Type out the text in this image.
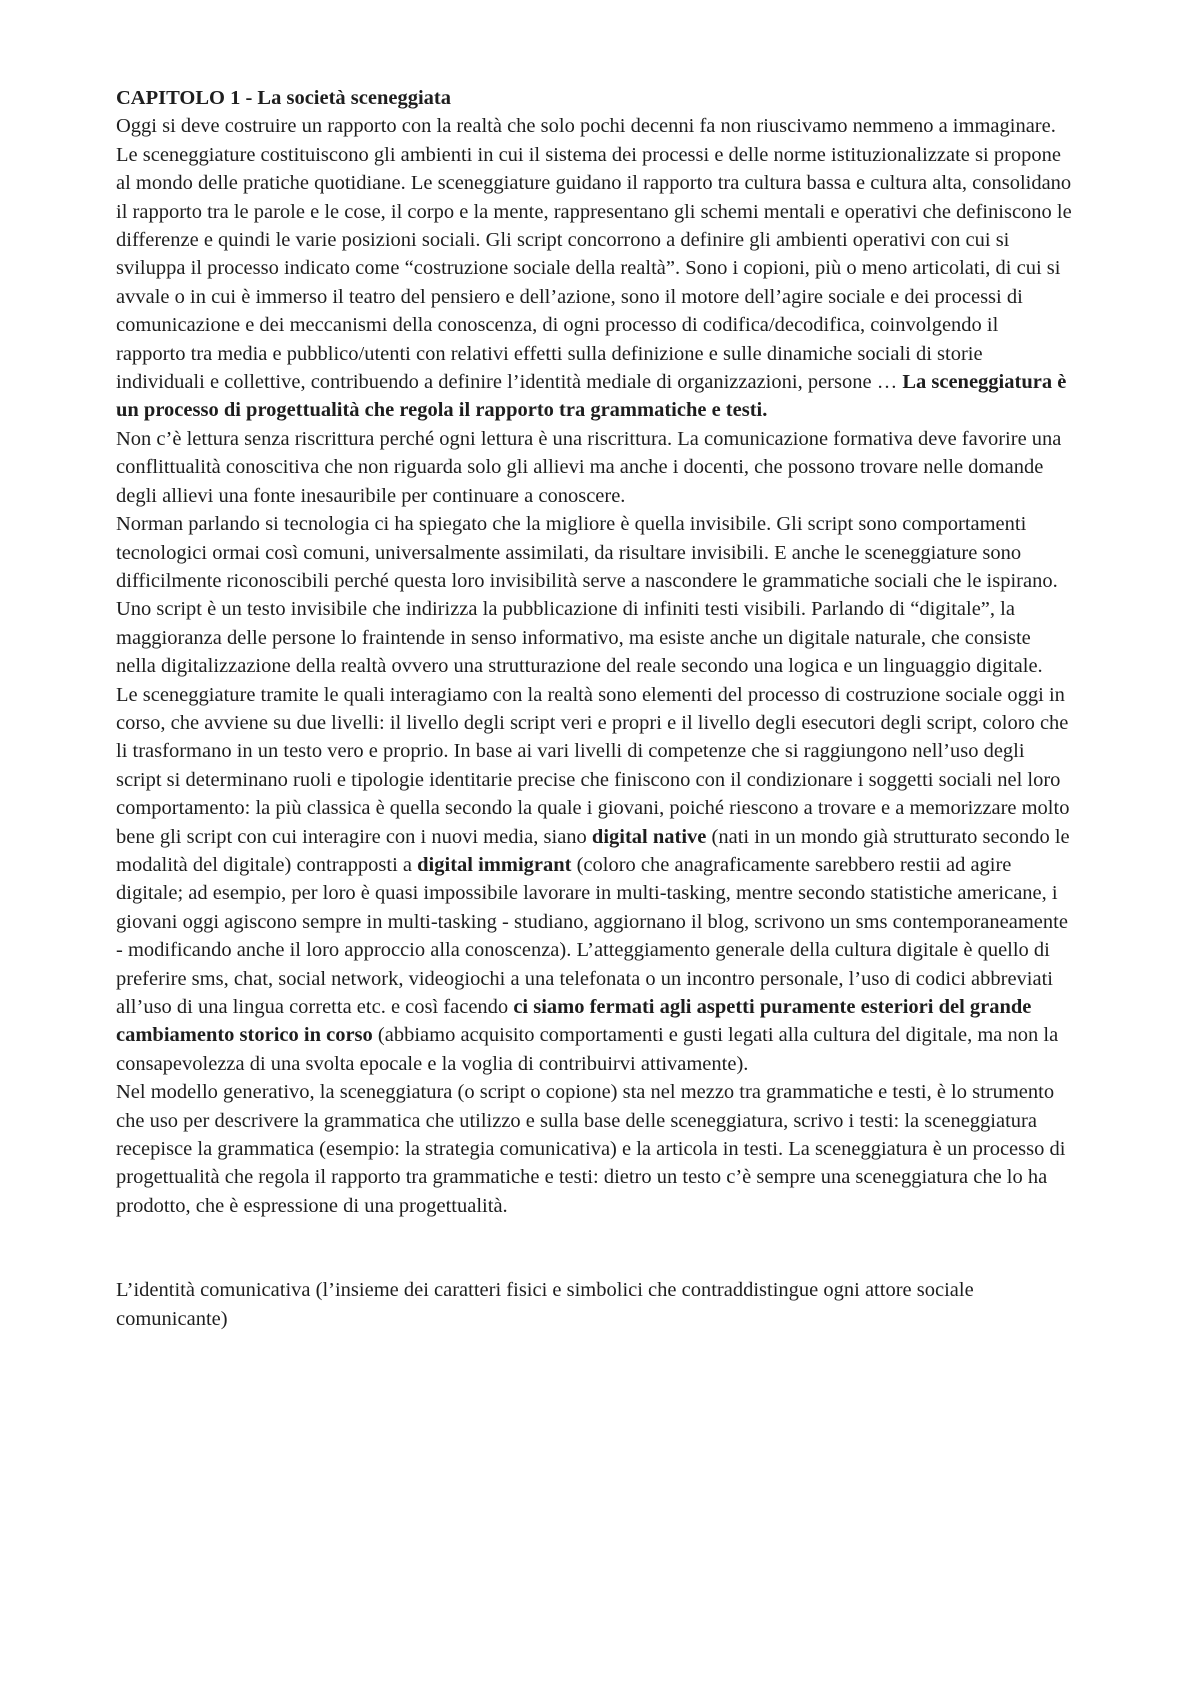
CAPITOLO 1 - La società sceneggiata

Oggi si deve costruire un rapporto con la realtà che solo pochi decenni fa non riuscivamo nemmeno a immaginare. Le sceneggiature costituiscono gli ambienti in cui il sistema dei processi e delle norme istituzionalizzate si propone al mondo delle pratiche quotidiane. Le sceneggiature guidano il rapporto tra cultura bassa e cultura alta, consolidano il rapporto tra le parole e le cose, il corpo e la mente, rappresentano gli schemi mentali e operativi che definiscono le differenze e quindi le varie posizioni sociali. Gli script concorrono a definire gli ambienti operativi con cui si sviluppa il processo indicato come “costruzione sociale della realtà”. Sono i copioni, più o meno articolati, di cui si avvale o in cui è immerso il teatro del pensiero e dell’azione, sono il motore dell’agire sociale e dei processi di comunicazione e dei meccanismi della conoscenza, di ogni processo di codifica/decodifica, coinvolgendo il rapporto tra media e pubblico/utenti con relativi effetti sulla definizione e sulle dinamiche sociali di storie individuali e collettive, contribuendo a definire l’identità mediale di organizzazioni, persone … La sceneggiatura è un processo di progettualità che regola il rapporto tra grammatiche e testi.

Non c’è lettura senza riscrittura perché ogni lettura è una riscrittura. La comunicazione formativa deve favorire una conflittualità conoscitiva che non riguarda solo gli allievi ma anche i docenti, che possono trovare nelle domande degli allievi una fonte inesauribile per continuare a conoscere.

Norman parlando si tecnologia ci ha spiegato che la migliore è quella invisibile. Gli script sono comportamenti tecnologici ormai così comuni, universalmente assimilati, da risultare invisibili. E anche le sceneggiature sono difficilmente riconoscibili perché questa loro invisibilità serve a nascondere le grammatiche sociali che le ispirano. Uno script è un testo invisibile che indirizza la pubblicazione di infiniti testi visibili. Parlando di “digitale”, la maggioranza delle persone lo fraintende in senso informativo, ma esiste anche un digitale naturale, che consiste nella digitalizzazione della realtà ovvero una strutturazione del reale secondo una logica e un linguaggio digitale.

Le sceneggiature tramite le quali interagiamo con la realtà sono elementi del processo di costruzione sociale oggi in corso, che avviene su due livelli: il livello degli script veri e propri e il livello degli esecutori degli script, coloro che li trasformano in un testo vero e proprio. In base ai vari livelli di competenze che si raggiungono nell’uso degli script si determinano ruoli e tipologie identitarie precise che finiscono con il condizionare i soggetti sociali nel loro comportamento: la più classica è quella secondo la quale i giovani, poiché riescono a trovare e a memorizzare molto bene gli script con cui interagire con i nuovi media, siano digital native (nati in un mondo già strutturato secondo le modalità del digitale) contrapposti a digital immigrant (coloro che anagraficamente sarebbero restii ad agire digitale; ad esempio, per loro è quasi impossibile lavorare in multi-tasking, mentre secondo statistiche americane, i giovani oggi agiscono sempre in multi-tasking - studiano, aggiornano il blog, scrivono un sms contemporaneamente - modificando anche il loro approccio alla conoscenza). L’atteggiamento generale della cultura digitale è quello di preferire sms, chat, social network, videogiochi a una telefonata o un incontro personale, l’uso di codici abbreviati all’uso di una lingua corretta etc. e così facendo ci siamo fermati agli aspetti puramente esteriori del grande cambiamento storico in corso (abbiamo acquisito comportamenti e gusti legati alla cultura del digitale, ma non la consapevolezza di una svolta epocale e la voglia di contribuirvi attivamente).

Nel modello generativo, la sceneggiatura (o script o copione) sta nel mezzo tra grammatiche e testi, è lo strumento che uso per descrivere la grammatica che utilizzo e sulla base delle sceneggiatura, scrivo i testi: la sceneggiatura recepisce la grammatica (esempio: la strategia comunicativa) e la articola in testi. La sceneggiatura è un processo di progettualità che regola il rapporto tra grammatiche e testi: dietro un testo c’è sempre una sceneggiatura che lo ha prodotto, che è espressione di una progettualità.

L’identità comunicativa (l’insieme dei caratteri fisici e simbolici che contraddistingue ogni attore sociale comunicante)
